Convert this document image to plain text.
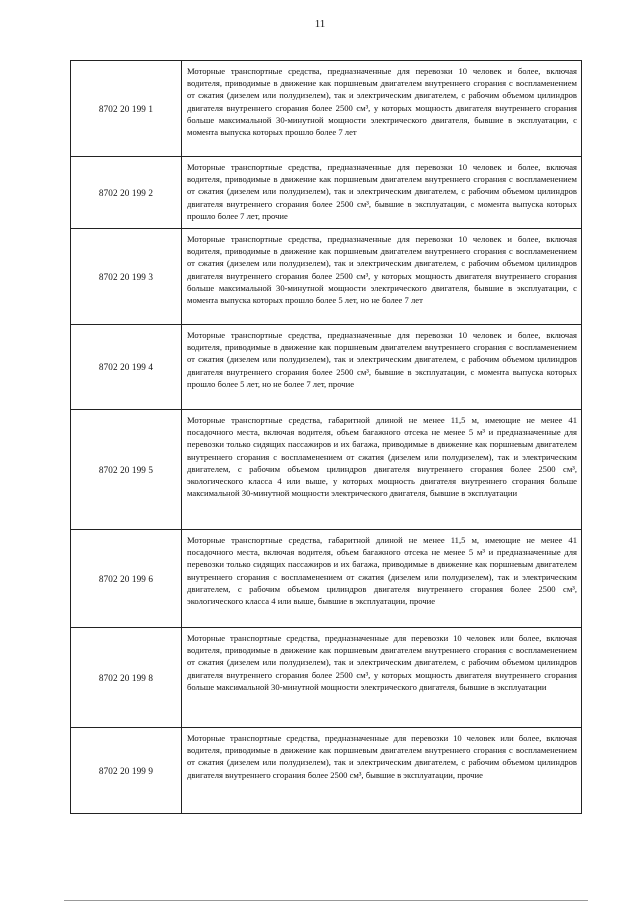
11
8702 20 199 1	Моторные транспортные средства, предназначенные для перевозки 10 человек и более, включая водителя, приводимые в движение как поршневым двигателем внутреннего сгорания с воспламенением от сжатия (дизелем или полудизелем), так и электрическим двигателем, с рабочим объемом цилиндров двигателя внутреннего сгорания более 2500 см³, у которых мощность двигателя внутреннего сгорания больше максимальной 30-минутной мощности электрического двигателя, бывшие в эксплуатации, с момента выпуска которых прошло более 7 лет
8702 20 199 2	Моторные транспортные средства, предназначенные для перевозки 10 человек и более, включая водителя, приводимые в движение как поршневым двигателем внутреннего сгорания с воспламенением от сжатия (дизелем или полудизелем), так и электрическим двигателем, с рабочим объемом цилиндров двигателя внутреннего сгорания более 2500 см³, бывшие в эксплуатации, с момента выпуска которых прошло более 7 лет, прочие
8702 20 199 3	Моторные транспортные средства, предназначенные для перевозки 10 человек и более, включая водителя, приводимые в движение как поршневым двигателем внутреннего сгорания с воспламенением от сжатия (дизелем или полудизелем), так и электрическим двигателем, с рабочим объемом цилиндров двигателя внутреннего сгорания более 2500 см³, у которых мощность двигателя внутреннего сгорания больше максимальной 30-минутной мощности электрического двигателя, бывшие в эксплуатации, с момента выпуска которых прошло более 5 лет, но не более 7 лет
8702 20 199 4	Моторные транспортные средства, предназначенные для перевозки 10 человек и более, включая водителя, приводимые в движение как поршневым двигателем внутреннего сгорания с воспламенением от сжатия (дизелем или полудизелем), так и электрическим двигателем, с рабочим объемом цилиндров двигателя внутреннего сгорания более 2500 см³, бывшие в эксплуатации, с момента выпуска которых прошло более 5 лет, но не более 7 лет, прочие
8702 20 199 5	Моторные транспортные средства, габаритной длиной не менее 11,5 м, имеющие не менее 41 посадочного места, включая водителя, объем багажного отсека не менее 5 м³ и предназначенные для перевозки только сидящих пассажиров и их багажа, приводимые в движение как поршневым двигателем внутреннего сгорания с воспламенением от сжатия (дизелем или полудизелем), так и электрическим двигателем, с рабочим объемом цилиндров двигателя внутреннего сгорания более 2500 см³, экологического класса 4 или выше, у которых мощность двигателя внутреннего сгорания больше максимальной 30-минутной мощности электрического двигателя, бывшие в эксплуатации
8702 20 199 6	Моторные транспортные средства, габаритной длиной не менее 11,5 м, имеющие не менее 41 посадочного места, включая водителя, объем багажного отсека не менее 5 м³ и предназначенные для перевозки только сидящих пассажиров и их багажа, приводимые в движение как поршневым двигателем внутреннего сгорания с воспламенением от сжатия (дизелем или полудизелем), так и электрическим двигателем, с рабочим объемом цилиндров двигателя внутреннего сгорания более 2500 см³, экологического класса 4 или выше, бывшие в эксплуатации, прочие
8702 20 199 8	Моторные транспортные средства, предназначенные для перевозки 10 человек или более, включая водителя, приводимые в движение как поршневым двигателем внутреннего сгорания с воспламенением от сжатия (дизелем или полудизелем), так и электрическим двигателем, с рабочим объемом цилиндров двигателя внутреннего сгорания более 2500 см³, у которых мощность двигателя внутреннего сгорания больше максимальной 30-минутной мощности электрического двигателя, бывшие в эксплуатации
8702 20 199 9	Моторные транспортные средства, предназначенные для перевозки 10 человек или более, включая водителя, приводимые в движение как поршневым двигателем внутреннего сгорания с воспламенением от сжатия (дизелем или полудизелем), так и электрическим двигателем, с рабочим объемом цилиндров двигателя внутреннего сгорания более 2500 см³, бывшие в эксплуатации, прочие
